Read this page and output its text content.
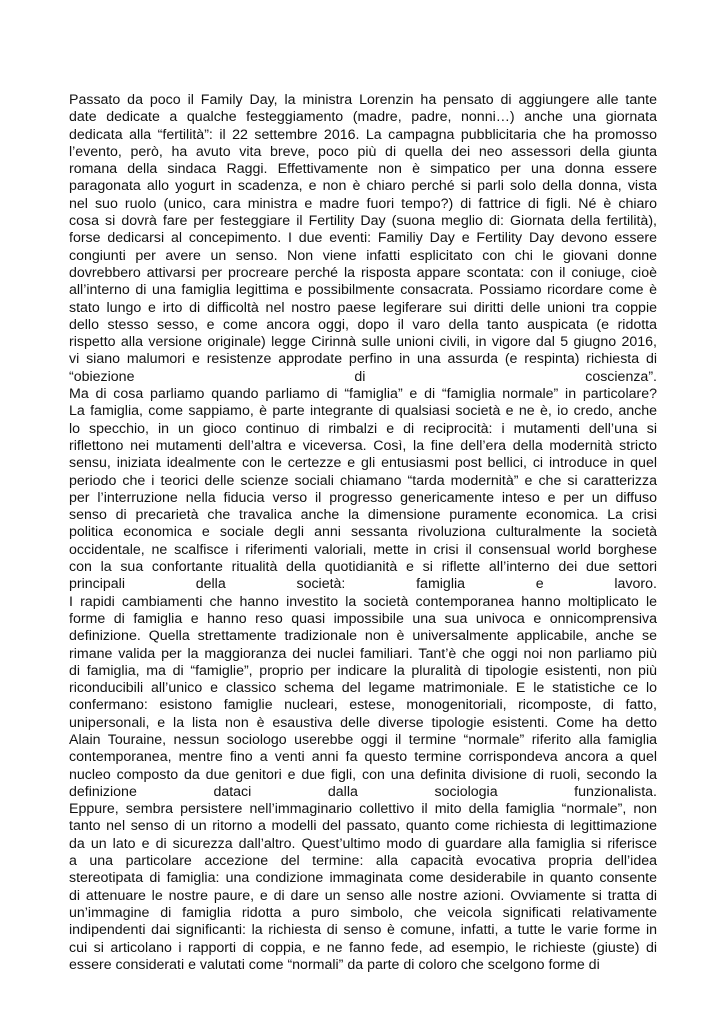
Passato da poco il Family Day, la ministra Lorenzin ha pensato di aggiungere alle tante
date dedicate a qualche festeggiamento (madre, padre, nonni…) anche una giornata
dedicata alla “fertilità”: il 22 settembre 2016. La campagna pubblicitaria che ha promosso
l’evento, però, ha avuto vita breve, poco più di quella dei neo assessori della giunta
romana della sindaca Raggi. Effettivamente non è simpatico per una donna essere
paragonata allo yogurt in scadenza, e non è chiaro perché si parli solo della donna, vista
nel suo ruolo (unico, cara ministra e madre fuori tempo?) di fattrice di figli. Né è chiaro
cosa si dovrà fare per festeggiare il Fertility Day (suona meglio di: Giornata della fertilità),
forse dedicarsi al concepimento. I due eventi: Familiy Day e Fertility Day devono essere
congiunti per avere un senso. Non viene infatti esplicitato con chi le giovani donne
dovrebbero attivarsi per procreare perché la risposta appare scontata: con il coniuge, cioè
all’interno di una famiglia legittima e possibilmente consacrata. Possiamo ricordare come è
stato lungo e irto di difficoltà nel nostro paese legiferare sui diritti delle unioni tra coppie
dello stesso sesso, e come ancora oggi, dopo il varo della tanto auspicata (e ridotta
rispetto alla versione originale) legge Cirinnà sulle unioni civili, in vigore dal 5 giugno 2016,
vi siano malumori e resistenze approdate perfino in una assurda (e respinta) richiesta di
“obiezione di coscienza”.
Ma di cosa parliamo quando parliamo di “famiglia” e di “famiglia normale” in particolare?
La famiglia, come sappiamo, è parte integrante di qualsiasi società e ne è, io credo, anche
lo specchio, in un gioco continuo di rimbalzi e di reciprocità: i mutamenti dell’una si
riflettono nei mutamenti dell’altra e viceversa. Così, la fine dell’era della modernità stricto
sensu, iniziata idealmente con le certezze e gli entusiasmi post bellici, ci introduce in quel
periodo che i teorici delle scienze sociali chiamano “tarda modernità” e che si caratterizza
per l’interruzione nella fiducia verso il progresso genericamente inteso e per un diffuso
senso di precarietà che travalica anche la dimensione puramente economica. La crisi
politica economica e sociale degli anni sessanta rivoluziona culturalmente la società
occidentale, ne scalfisce i riferimenti valoriali, mette in crisi il consensual world borghese
con la sua confortante ritualità della quotidianità e si riflette all’interno dei due settori
principali della società: famiglia e lavoro.
I rapidi cambiamenti che hanno investito la società contemporanea hanno moltiplicato le
forme di famiglia e hanno reso quasi impossibile una sua univoca e onnicomprensiva
definizione. Quella strettamente tradizionale non è universalmente applicabile, anche se
rimane valida per la maggioranza dei nuclei familiari. Tant’è che oggi noi non parliamo più
di famiglia, ma di “famiglie”, proprio per indicare la pluralità di tipologie esistenti, non più
riconducibili all’unico e classico schema del legame matrimoniale. E le statistiche ce lo
confermano: esistono famiglie nucleari, estese, monogenitoriali, ricomposte, di fatto,
unipersonali, e la lista non è esaustiva delle diverse tipologie esistenti. Come ha detto
Alain Touraine, nessun sociologo userebbe oggi il termine “normale” riferito alla famiglia
contemporanea, mentre fino a venti anni fa questo termine corrispondeva ancora a quel
nucleo composto da due genitori e due figli, con una definita divisione di ruoli, secondo la
definizione dataci dalla sociologia funzionalista.
Eppure, sembra persistere nell’immaginario collettivo il mito della famiglia “normale”, non
tanto nel senso di un ritorno a modelli del passato, quanto come richiesta di legittimazione
da un lato e di sicurezza dall’altro. Quest’ultimo modo di guardare alla famiglia si riferisce
a una particolare accezione del termine: alla capacità evocativa propria dell’idea
stereotipata di famiglia: una condizione immaginata come desiderabile in quanto consente
di attenuare le nostre paure, e di dare un senso alle nostre azioni. Ovviamente si tratta di
un’immagine di famiglia ridotta a puro simbolo, che veicola significati relativamente
indipendenti dai significanti: la richiesta di senso è comune, infatti, a tutte le varie forme in
cui si articolano i rapporti di coppia, e ne fanno fede, ad esempio, le richieste (giuste) di
essere considerati e valutati come “normali” da parte di coloro che scelgono forme di
